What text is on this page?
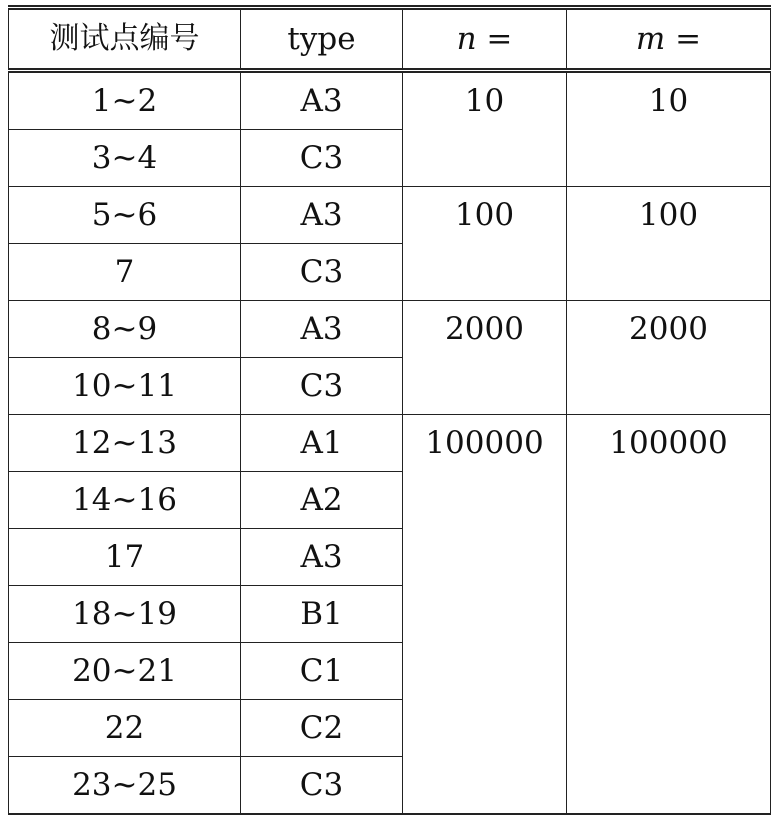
测试点编号	type	n =	m =
1~2	A3	10	10
3~4	C3		
5~6	A3	100	100
7	C3		
8~9	A3	2000	2000
10~11	C3		
12~13	A1	100000	100000
14~16	A2		
17	A3		
18~19	B1		
20~21	C1		
22	C2		
23~25	C3		
